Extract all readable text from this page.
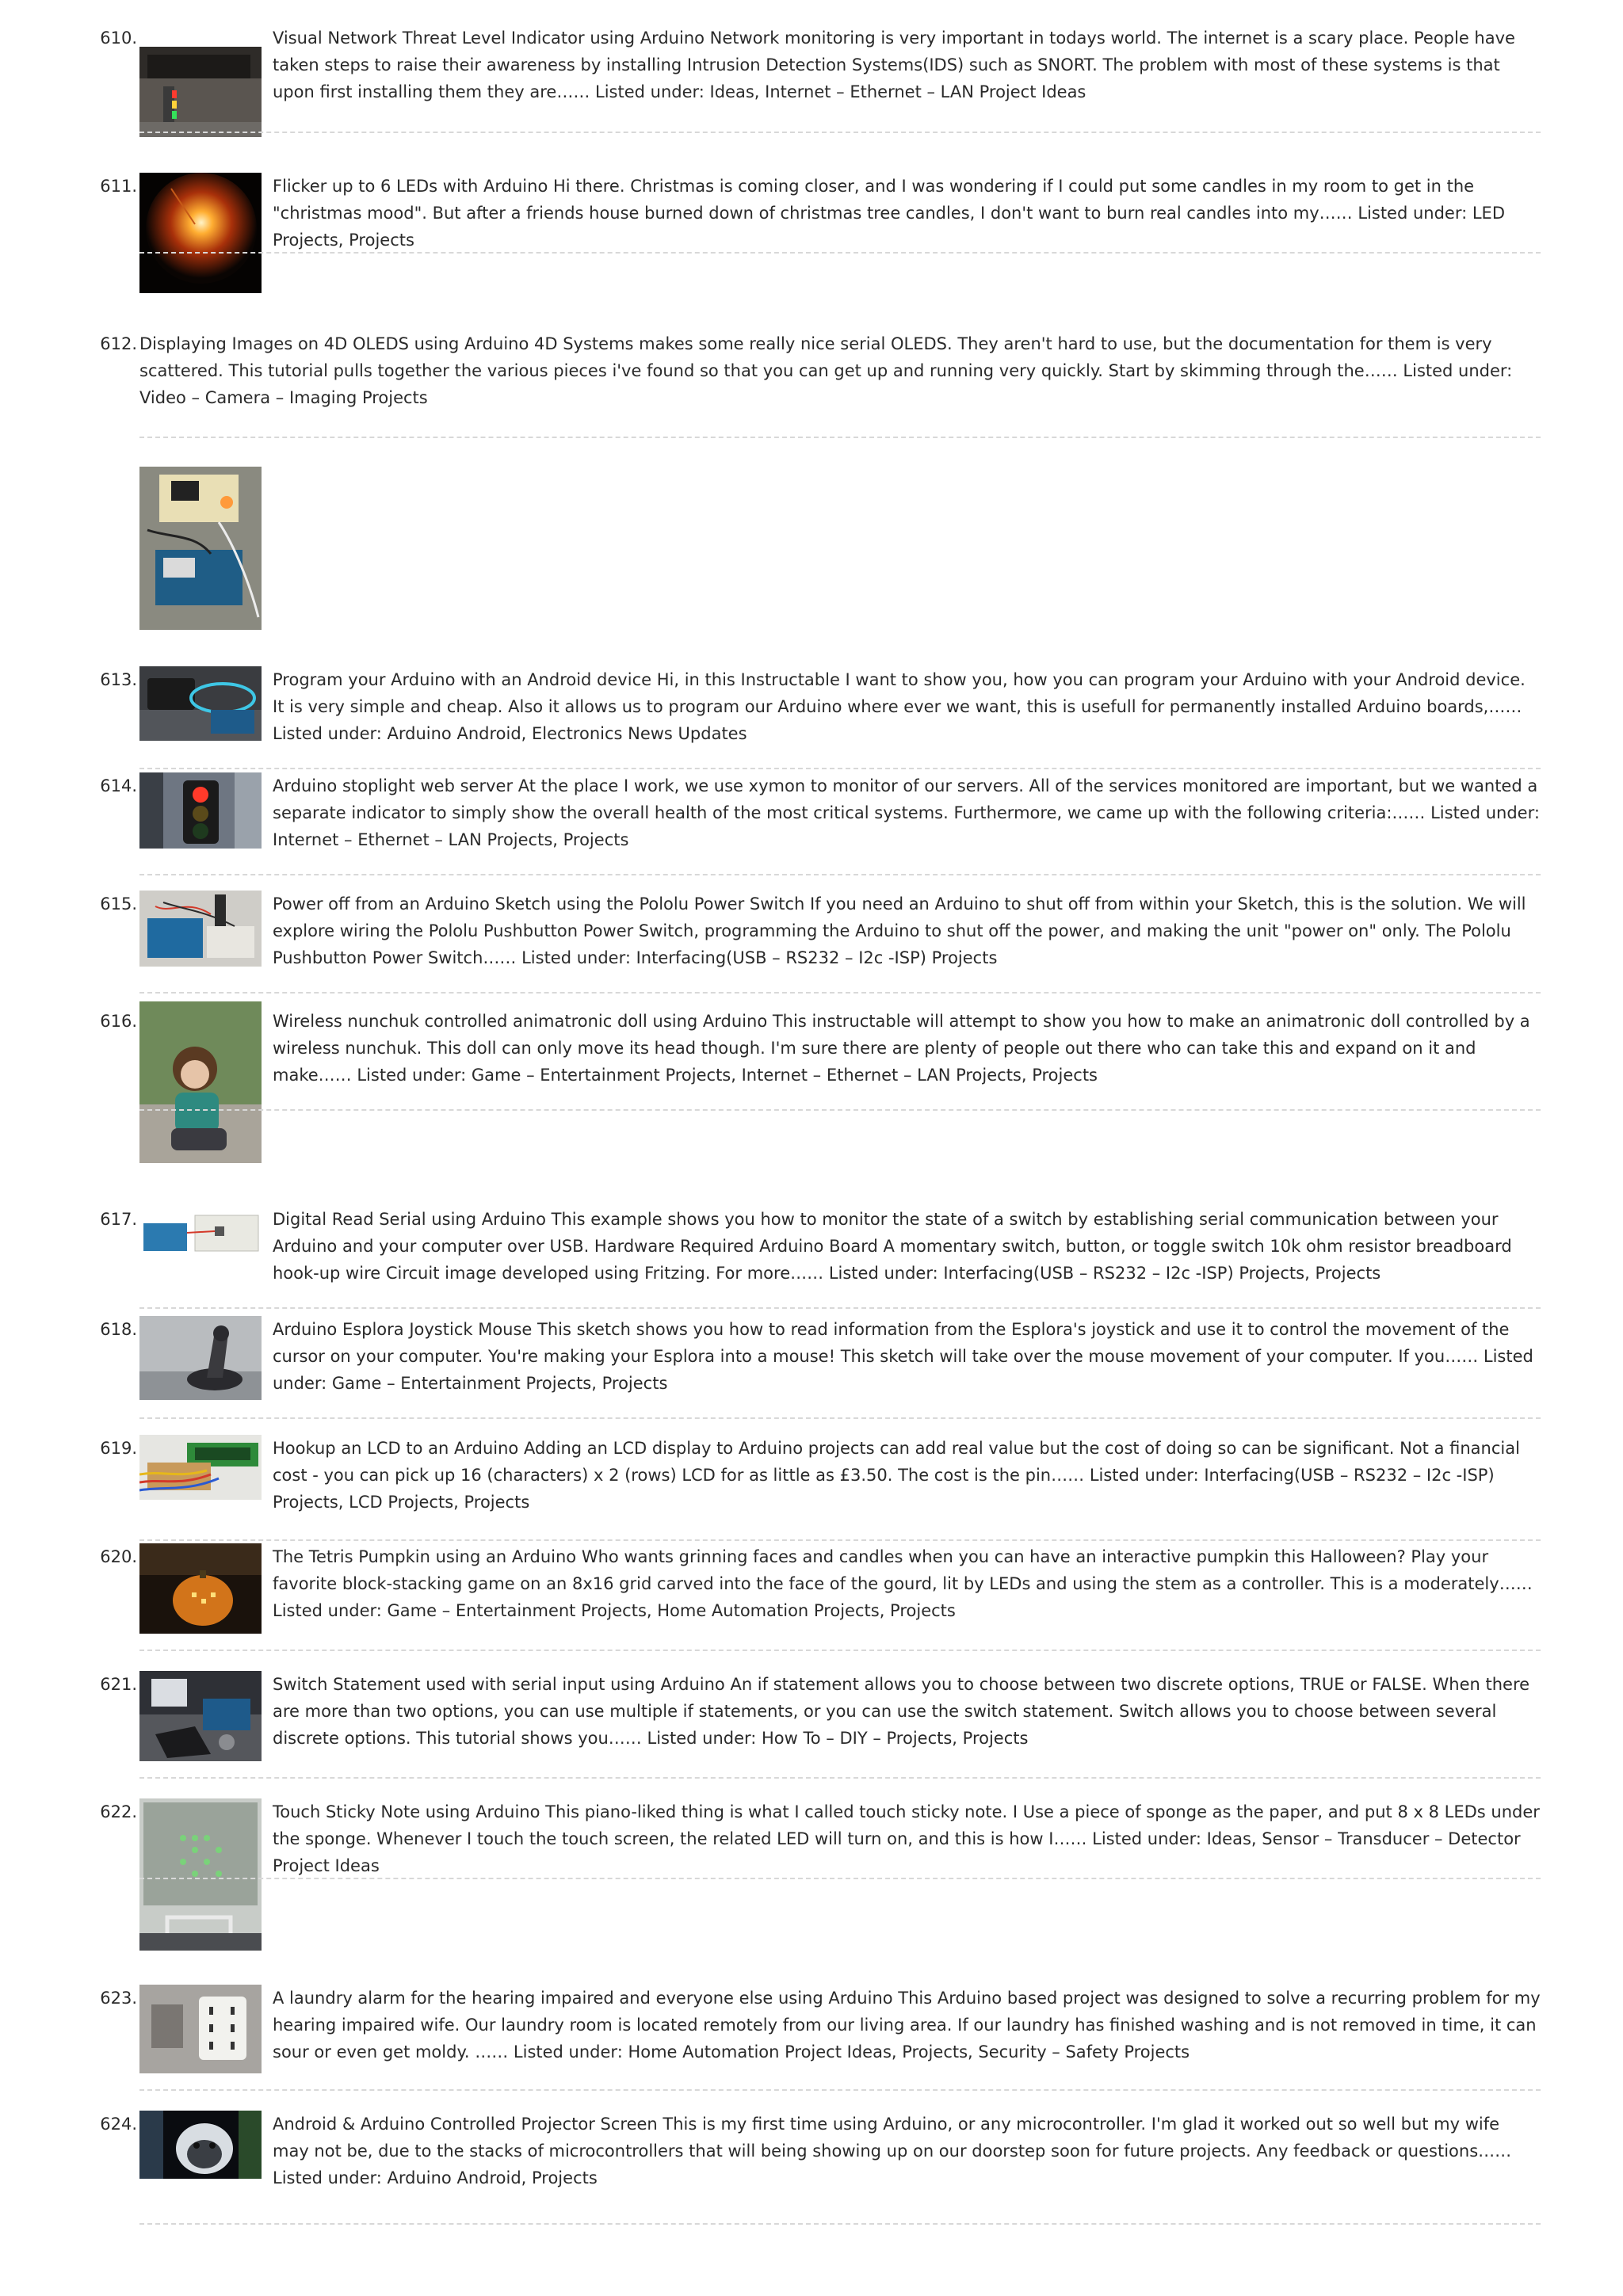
610.	Visual Network Threat Level Indicator using Arduino Network monitoring is very important in todays world. The internet is a scary place. People have taken steps to raise their awareness by installing Intrusion Detection Systems(IDS) such as SNORT. The problem with most of these systems is that upon first installing them they are…… Listed under: Ideas, Internet – Ethernet – LAN Project Ideas

611.	Flicker up to 6 LEDs with Arduino Hi there. Christmas is coming closer, and I was wondering if I could put some candles in my room to get in the "christmas mood". But after a friends house burned down of christmas tree candles, I don't want to burn real candles into my…… Listed under: LED Projects, Projects

612. Displaying Images on 4D OLEDS using Arduino 4D Systems makes some really nice serial OLEDS. They aren't hard to use, but the documentation for them is very scattered. This tutorial pulls together the various pieces i've found so that you can get up and running very quickly. Start by skimming through the…… Listed under: Video – Camera – Imaging Projects

613.	Program your Arduino with an Android device Hi, in this Instructable I want to show you, how you can program your Arduino with your Android device. It is very simple and cheap. Also it allows us to program our Arduino where ever we want, this is usefull for permanently installed Arduino boards,…… Listed under: Arduino Android, Electronics News Updates

614.	Arduino stoplight web server At the place I work, we use xymon to monitor of our servers. All of the services monitored are important, but we wanted a separate indicator to simply show the overall health of the most critical systems. Furthermore, we came up with the following criteria:…… Listed under: Internet – Ethernet – LAN Projects, Projects

615.	Power off from an Arduino Sketch using the Pololu Power Switch If you need an Arduino to shut off from within your Sketch, this is the solution. We will explore wiring the Pololu Pushbutton Power Switch, programming the Arduino to shut off the power, and making the unit "power on" only. The Pololu Pushbutton Power Switch…… Listed under: Interfacing(USB – RS232 – I2c -ISP) Projects

616.	Wireless nunchuk controlled animatronic doll using Arduino This instructable will attempt to show you how to make an animatronic doll controlled by a wireless nunchuk. This doll can only move its head though. I'm sure there are plenty of people out there who can take this and expand on it and make…… Listed under: Game – Entertainment Projects, Internet – Ethernet – LAN Projects, Projects

617.	Digital Read Serial using Arduino This example shows you how to monitor the state of a switch by establishing serial communication between your Arduino and your computer over USB. Hardware Required Arduino Board A momentary switch, button, or toggle switch 10k ohm resistor breadboard hook-up wire Circuit image developed using Fritzing. For more…… Listed under: Interfacing(USB – RS232 – I2c -ISP) Projects, Projects

618.	Arduino Esplora Joystick Mouse This sketch shows you how to read information from the Esplora's joystick and use it to control the movement of the cursor on your computer. You're making your Esplora into a mouse! This sketch will take over the mouse movement of your computer. If you…… Listed under: Game – Entertainment Projects, Projects

619.	Hookup an LCD to an Arduino Adding an LCD display to Arduino projects can add real value but the cost of doing so can be significant. Not a financial cost - you can pick up 16 (characters) x 2 (rows) LCD for as little as £3.50. The cost is the pin…… Listed under: Interfacing(USB – RS232 – I2c -ISP) Projects, LCD Projects, Projects

620.	The Tetris Pumpkin using an Arduino Who wants grinning faces and candles when you can have an interactive pumpkin this Halloween? Play your favorite block-stacking game on an 8x16 grid carved into the face of the gourd, lit by LEDs and using the stem as a controller. This is a moderately…… Listed under: Game – Entertainment Projects, Home Automation Projects, Projects

621.	Switch Statement used with serial input using Arduino An if statement allows you to choose between two discrete options, TRUE or FALSE. When there are more than two options, you can use multiple if statements, or you can use the switch statement. Switch allows you to choose between several discrete options. This tutorial shows you…… Listed under: How To – DIY – Projects, Projects

622.	Touch Sticky Note using Arduino This piano-liked thing is what I called touch sticky note. I Use a piece of sponge as the paper, and put 8 x 8 LEDs under the sponge. Whenever I touch the touch screen, the related LED will turn on, and this is how I…… Listed under: Ideas, Sensor – Transducer – Detector Project Ideas

623.	A laundry alarm for the hearing impaired and everyone else using Arduino This Arduino based project was designed to solve a recurring problem for my hearing impaired wife. Our laundry room is located remotely from our living area. If our laundry has finished washing and is not removed in time, it can sour or even get moldy. …… Listed under: Home Automation Project Ideas, Projects, Security – Safety Projects

624.	Android & Arduino Controlled Projector Screen This is my first time using Arduino, or any microcontroller. I'm glad it worked out so well but my wife may not be, due to the stacks of microcontrollers that will being showing up on our doorstep soon for future projects. Any feedback or questions…… Listed under: Arduino Android, Projects
